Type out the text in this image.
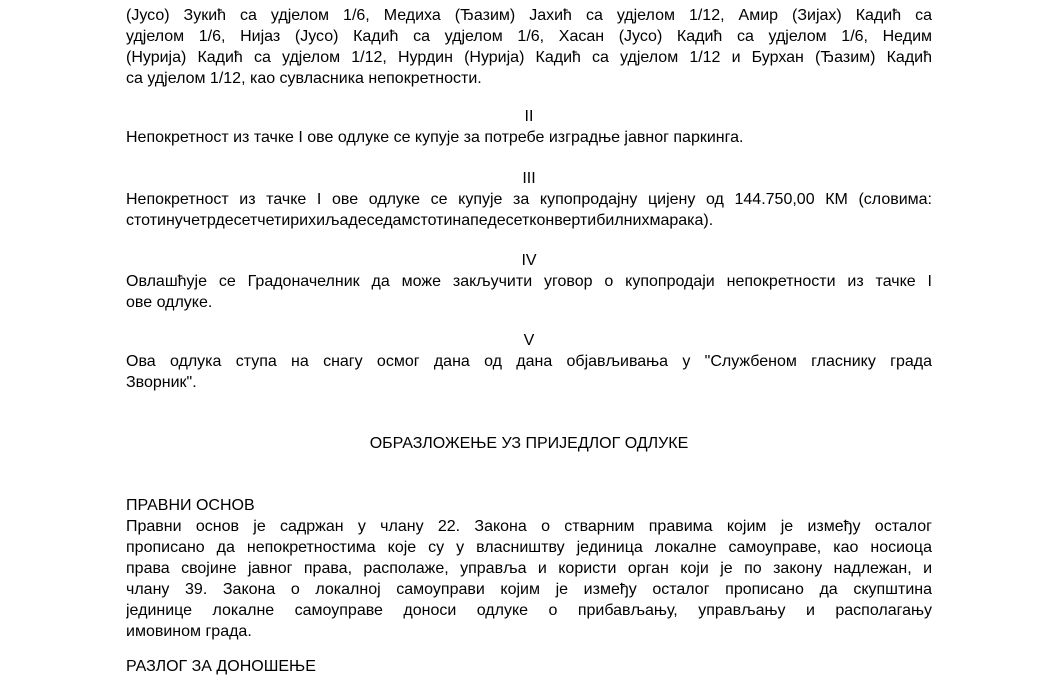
(Јусо) Зукић са удјелом 1/6, Медиха (Ђазим) Јахић са удјелом 1/12, Амир (Зијах) Кадић са
удјелом 1/6, Нијаз (Јусо) Кадић са удјелом 1/6, Хасан (Јусо) Кадић са удјелом 1/6, Недим
(Нурија) Кадић са удјелом 1/12, Нурдин (Нурија) Кадић са удјелом 1/12 и Бурхан (Ђазим) Кадић
са удјелом 1/12, као сувласника непокретности.
II
Непокретност из тачке I ове одлуке се купује за потребе изградње јавног паркинга.
III
Непокретност из тачке I ове одлуке се купује за купопродајну цијену од 144.750,00 КМ (словима:
стотинучетрдесетчетирихиљадеседамстотинапедесетконвертибилнихмарака).
IV
Овлашћује се Градоначелник да може закључити уговор о купопродаји непокретности из тачке I
ове одлуке.
V
Ова одлука ступа на снагу осмог дана од дана објављивања у "Службеном гласнику града
Зворник".
ОБРАЗЛОЖЕЊЕ УЗ ПРИЈЕДЛОГ ОДЛУКЕ
ПРАВНИ ОСНОВ
Правни основ је садржан у члану 22. Закона о стварним правима којим је између осталог
прописано да непокретностима које су у власништву јединица локалне самоуправе, као носиоца
права својине јавног права, располаже, управља и користи орган који је по закону надлежан, и
члану 39. Закона о локалној самоуправи којим је између осталог прописано да скупштина
јединице локалне самоуправе доноси одлуке о прибављању, управљању и располагању
имовином града.
РАЗЛОГ ЗА ДОНОШЕЊЕ
